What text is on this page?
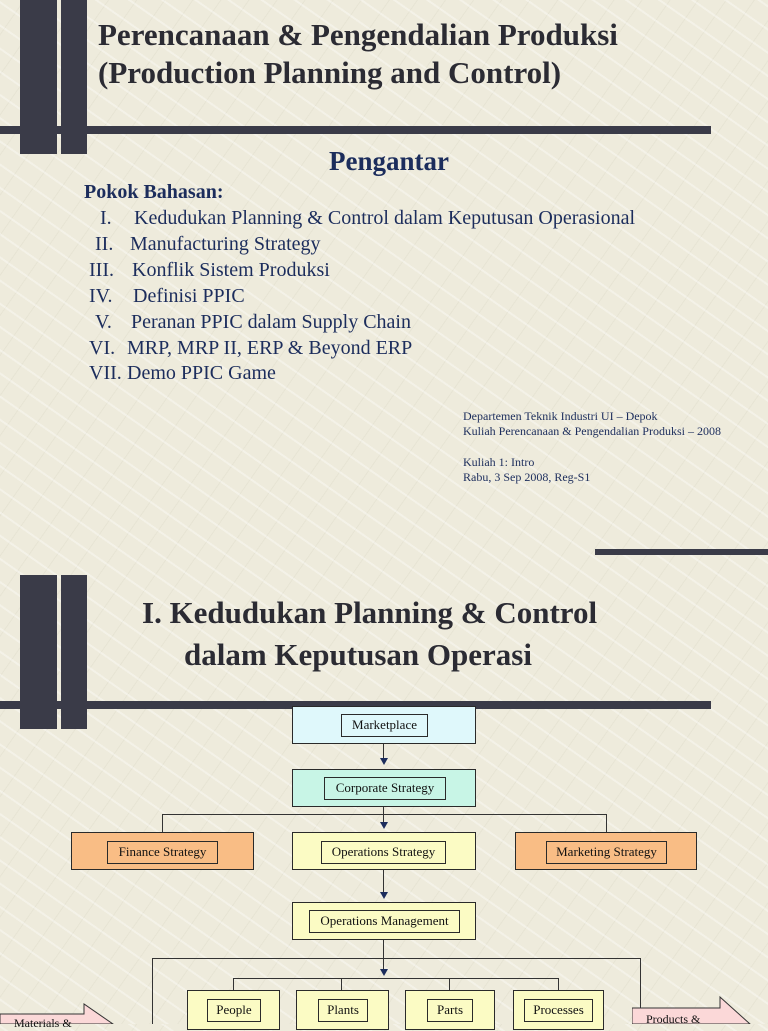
Perencanaan & Pengendalian Produksi
(Production Planning and Control)
Pengantar
Pokok Bahasan:
I. Kedudukan Planning & Control dalam Keputusan Operasional
II. Manufacturing Strategy
III. Konflik Sistem Produksi
IV. Definisi PPIC
V. Peranan PPIC dalam Supply Chain
VI. MRP, MRP II, ERP & Beyond ERP
VII. Demo PPIC Game
Departemen Teknik Industri UI – Depok
Kuliah Perencanaan & Pengendalian Produksi – 2008
Kuliah 1: Intro
Rabu, 3 Sep 2008, Reg-S1
I. Kedudukan Planning & Control
dalam Keputusan Operasi
Marketplace
Corporate Strategy
Finance Strategy	Operations Strategy	Marketing Strategy
Operations Management
People	Plants	Parts	Processes
Materials &	Products &
